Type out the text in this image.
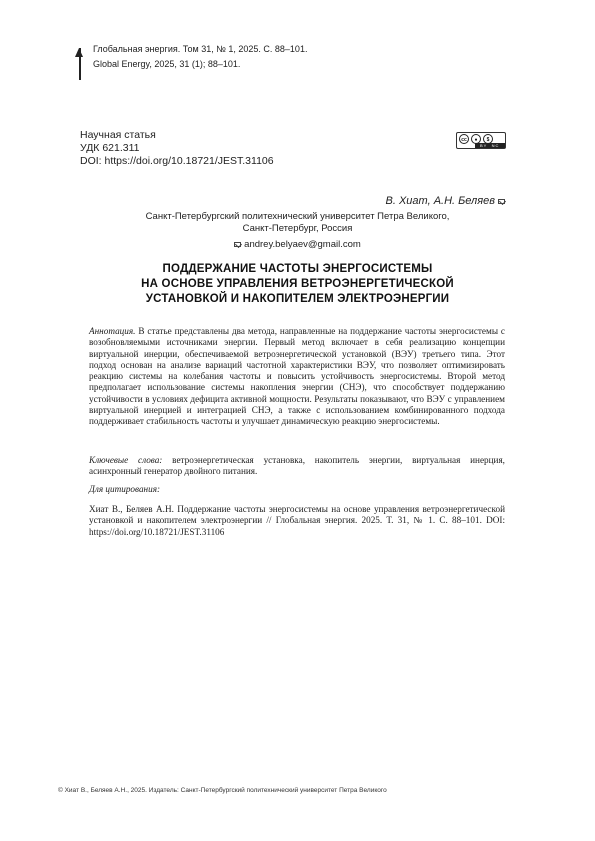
Глобальная энергия. Том 31, № 1, 2025. С. 88–101.
Global Energy, 2025, 31 (1); 88–101.
Научная статья
УДК 621.311
DOI: https://doi.org/10.18721/JEST.31106
cc	●	$
BY NC
В. Хиат, А.Н. Беляев
Санкт-Петербургский политехнический университет Петра Великого,
Санкт-Петербург, Россия
andrey.belyaev@gmail.com
ПОДДЕРЖАНИЕ ЧАСТОТЫ ЭНЕРГОСИСТЕМЫ
НА ОСНОВЕ УПРАВЛЕНИЯ ВЕТРОЭНЕРГЕТИЧЕСКОЙ
УСТАНОВКОЙ И НАКОПИТЕЛЕМ ЭЛЕКТРОЭНЕРГИИ
Аннотация. В статье представлены два метода, направленные на поддержание частоты энергосистемы с возобновляемыми источниками энергии. Первый метод включает в себя реализацию концепции виртуальной инерции, обеспечиваемой ветроэнергетической установкой (ВЭУ) третьего типа. Этот подход основан на анализе вариаций частотной характеристики ВЭУ, что позволяет оптимизировать реакцию системы на колебания частоты и повысить устойчивость энергосистемы. Второй метод предполагает использование системы накопления энергии (СНЭ), что способствует поддержанию устойчивости в условиях дефицита активной мощности. Результаты показывают, что ВЭУ с управлением виртуальной инерцией и интеграцией СНЭ, а также с использованием комбинированного подхода поддерживает стабильность частоты и улучшает динамическую реакцию энергосистемы.
Ключевые слова: ветроэнергетическая установка, накопитель энергии, виртуальная инерция, асинхронный генератор двойного питания.
Для цитирования:
Хиат В., Беляев А.Н. Поддержание частоты энергосистемы на основе управления ветроэнергетической установкой и накопителем электроэнергии // Глобальная энергия. 2025. Т. 31, № 1. С. 88–101. DOI: https://doi.org/10.18721/JEST.31106
© Хиат В., Беляев А.Н., 2025. Издатель: Санкт-Петербургский политехнический университет Петра Великого
